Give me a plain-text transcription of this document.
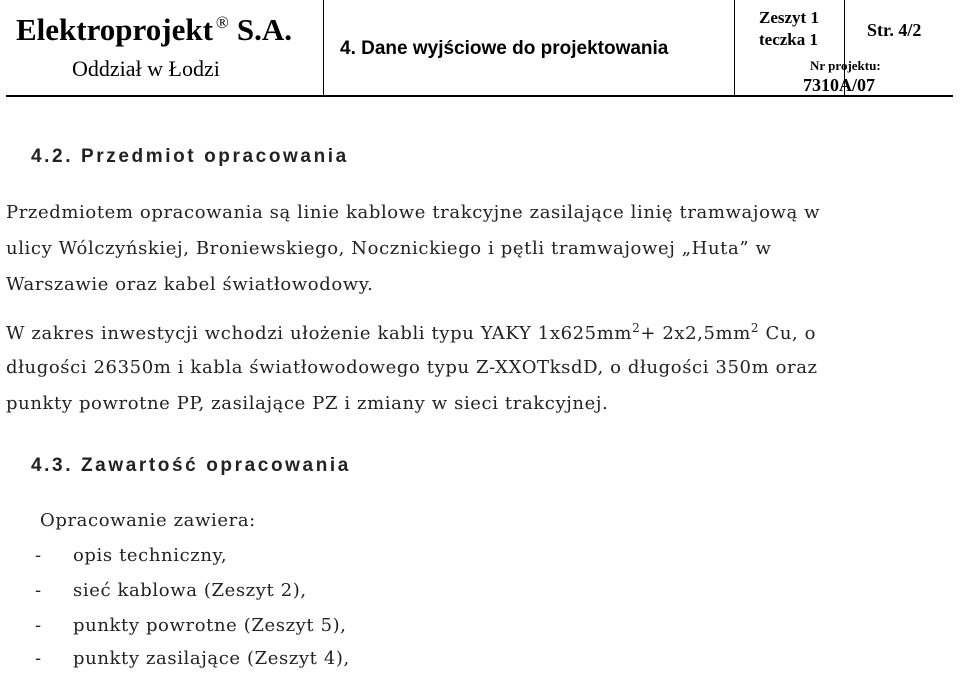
Elektroprojekt ® S.A.
Oddział w Łodzi
4. Dane wyjściowe do projektowania
Zeszyt 1
teczka 1	Str. 4/2
Nr projektu:
7310A/07
4.2. Przedmiot opracowania
Przedmiotem opracowania są linie kablowe trakcyjne zasilające linię tramwajową w
ulicy Wólczyńskiej, Broniewskiego, Nocznickiego i pętli tramwajowej „Huta” w
Warszawie oraz kabel światłowodowy.
W zakres inwestycji wchodzi ułożenie kabli typu YAKY $1x625mm^2+ 2x2,5mm^2$ Cu, o
długości 26350m i kabla światłowodowego typu Z-XXOTksdD, o długości 350m oraz
punkty powrotne PP, zasilające PZ i zmiany w sieci trakcyjnej.
4.3. Zawartość opracowania
Opracowanie zawiera:
- opis techniczny,
- sieć kablowa (Zeszyt 2),
- punkty powrotne (Zeszyt 5),
- punkty zasilające (Zeszyt 4),
